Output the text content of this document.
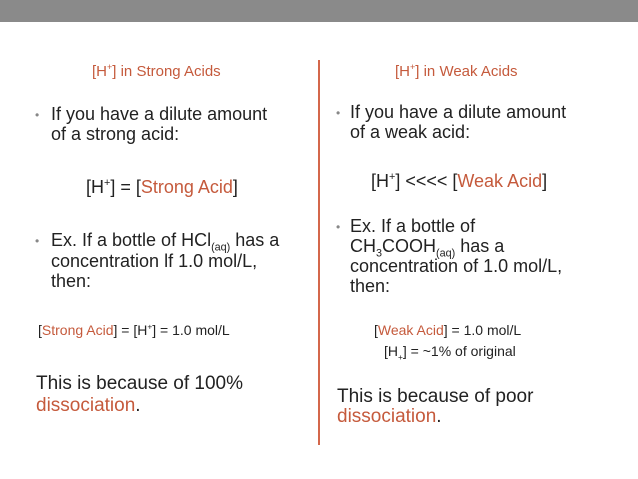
[H+] in Strong Acids
• If you have a dilute amount
of a strong acid:
[H+] = [Strong Acid]
• Ex. If a bottle of HCl$_{(aq)}$ has a
concentration lf 1.0 mol/L,
then:
[Strong Acid] = [H+] = 1.0 mol/L
This is because of 100%
dissociation.
[H+] in Weak Acids
• If you have a dilute amount
of a weak acid:
[H+] <<<< [Weak Acid]
• Ex. If a bottle of
$CH_3COOH_{(aq)}$ has a
concentration of 1.0 mol/L,
then:
[Weak Acid] = 1.0 mol/L
$[H_+]$ = ~1% of original
This is because of poor
dissociation.
